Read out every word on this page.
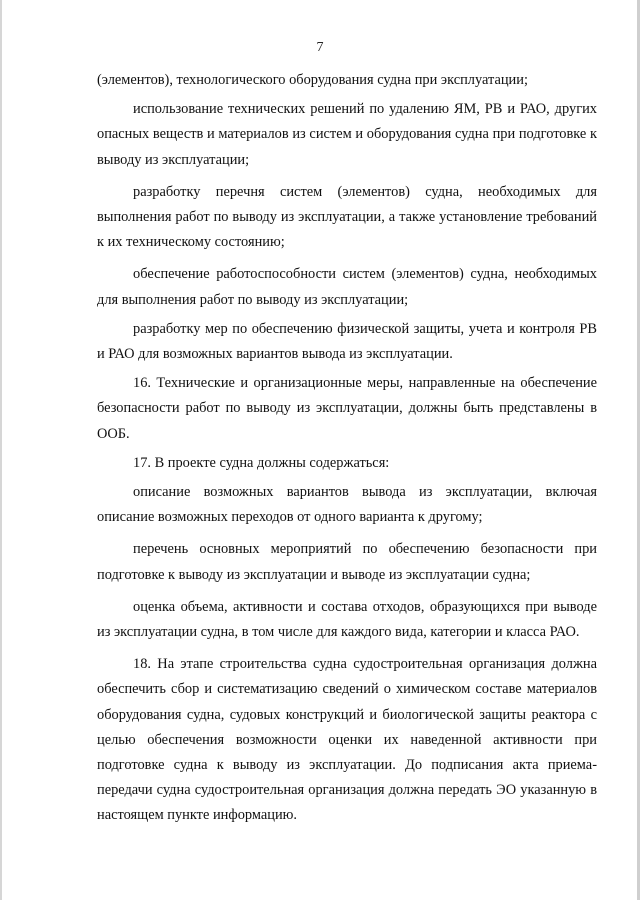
7

(элементов), технологического оборудования судна при эксплуатации;

использование технических решений по удалению ЯМ, РВ и РАО, других опасных веществ и материалов из систем и оборудования судна при подготовке к выводу из эксплуатации;

разработку перечня систем (элементов) судна, необходимых для выполнения работ по выводу из эксплуатации, а также установление требований к их техническому состоянию;

обеспечение работоспособности систем (элементов) судна, необходимых для выполнения работ по выводу из эксплуатации;

разработку мер по обеспечению физической защиты, учета и контроля РВ и РАО для возможных вариантов вывода из эксплуатации.

16. Технические и организационные меры, направленные на обеспечение безопасности работ по выводу из эксплуатации, должны быть представлены в ООБ.

17. В проекте судна должны содержаться:

описание возможных вариантов вывода из эксплуатации, включая описание возможных переходов от одного варианта к другому;

перечень основных мероприятий по обеспечению безопасности при подготовке к выводу из эксплуатации и выводе из эксплуатации судна;

оценка объема, активности и состава отходов, образующихся при выводе из эксплуатации судна, в том числе для каждого вида, категории и класса РАО.

18. На этапе строительства судна судостроительная организация должна обеспечить сбор и систематизацию сведений о химическом составе материалов оборудования судна, судовых конструкций и биологической защиты реактора с целью обеспечения возможности оценки их наведенной активности при подготовке судна к выводу из эксплуатации. До подписания акта приема-передачи судна судостроительная организация должна передать ЭО указанную в настоящем пункте информацию.
